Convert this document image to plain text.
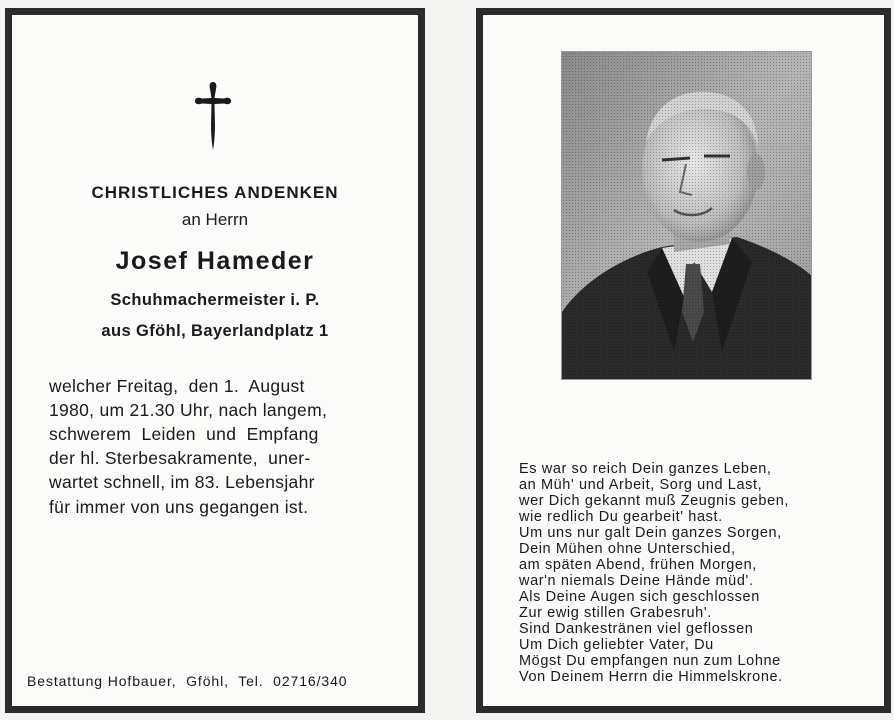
CHRISTLICHES ANDENKEN
an Herrn
Josef Hameder
Schuhmachermeister i. P.
aus Gföhl, Bayerlandplatz 1
welcher Freitag,  den 1.  August
1980, um 21.30 Uhr, nach langem,
schwerem  Leiden  und  Empfang
der hl. Sterbesakramente,  uner-
wartet schnell, im 83. Lebensjahr
für immer von uns gegangen ist.
Bestattung Hofbauer,  Gföhl,  Tel.  02716/340
Es war so reich Dein ganzes Leben,
an Müh' und Arbeit, Sorg und Last,
wer Dich gekannt muß Zeugnis geben,
wie redlich Du gearbeit' hast.
Um uns nur galt Dein ganzes Sorgen,
Dein Mühen ohne Unterschied,
am späten Abend, frühen Morgen,
war'n niemals Deine Hände müd'.
Als Deine Augen sich geschlossen
Zur ewig stillen Grabesruh'.
Sind Dankestränen viel geflossen
Um Dich geliebter Vater, Du
Mögst Du empfangen nun zum Lohne
Von Deinem Herrn die Himmelskrone.
